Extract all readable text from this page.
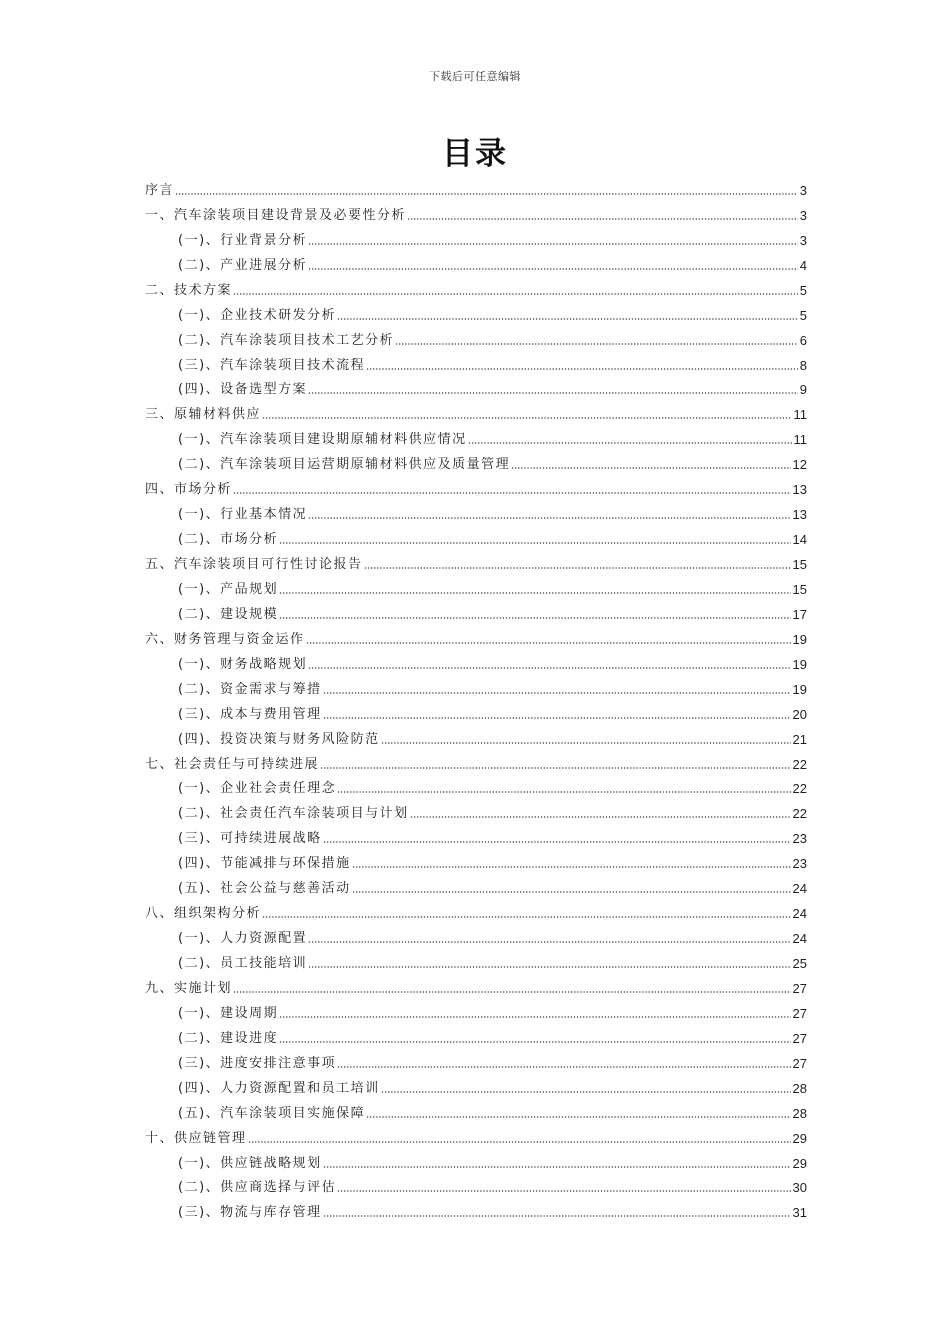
下载后可任意编辑
目录
序言	3
一、汽车涂装项目建设背景及必要性分析	3
(一)、行业背景分析	3
(二)、产业进展分析	4
二、技术方案	5
(一)、企业技术研发分析	5
(二)、汽车涂装项目技术工艺分析	6
(三)、汽车涂装项目技术流程	8
(四)、设备选型方案	9
三、原辅材料供应	11
(一)、汽车涂装项目建设期原辅材料供应情况	11
(二)、汽车涂装项目运营期原辅材料供应及质量管理	12
四、市场分析	13
(一)、行业基本情况	13
(二)、市场分析	14
五、汽车涂装项目可行性讨论报告	15
(一)、产品规划	15
(二)、建设规模	17
六、财务管理与资金运作	19
(一)、财务战略规划	19
(二)、资金需求与筹措	19
(三)、成本与费用管理	20
(四)、投资决策与财务风险防范	21
七、社会责任与可持续进展	22
(一)、企业社会责任理念	22
(二)、社会责任汽车涂装项目与计划	22
(三)、可持续进展战略	23
(四)、节能减排与环保措施	23
(五)、社会公益与慈善活动	24
八、组织架构分析	24
(一)、人力资源配置	24
(二)、员工技能培训	25
九、实施计划	27
(一)、建设周期	27
(二)、建设进度	27
(三)、进度安排注意事项	27
(四)、人力资源配置和员工培训	28
(五)、汽车涂装项目实施保障	28
十、供应链管理	29
(一)、供应链战略规划	29
(二)、供应商选择与评估	30
(三)、物流与库存管理	31
